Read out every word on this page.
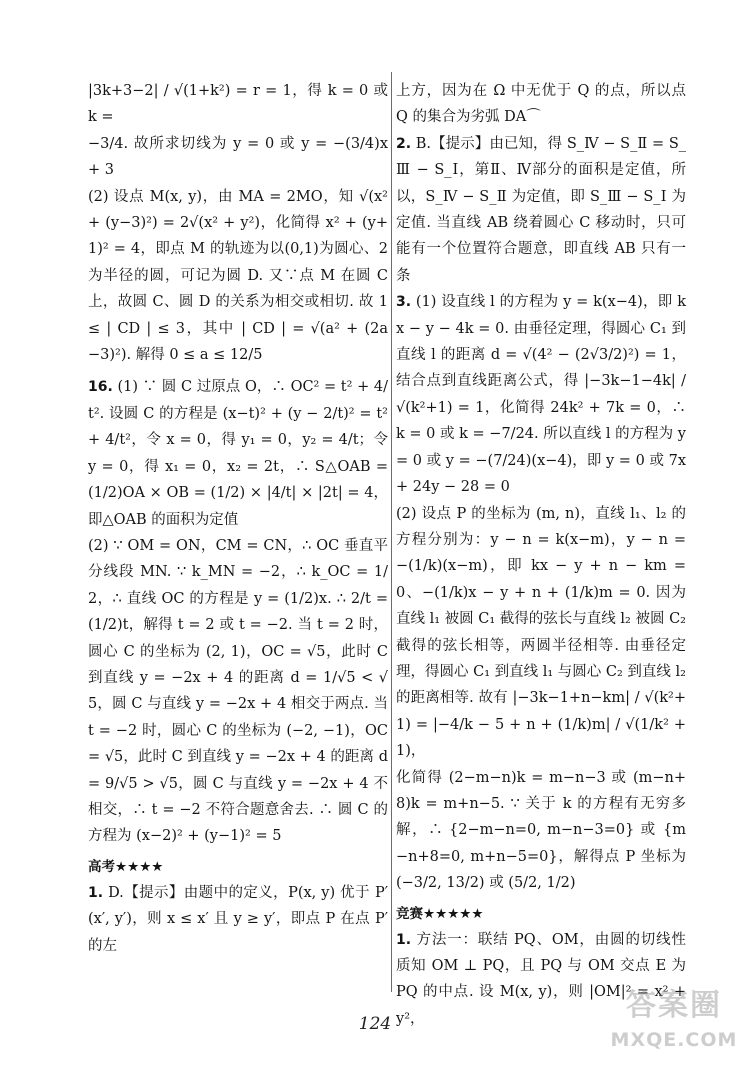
|3k+3−2| / √(1+k²) = r = 1，得 k = 0 或 k =

−3/4. 故所求切线为 y = 0 或 y = −(3/4)x + 3

(2) 设点 M(x, y)，由 MA = 2MO，知 √(x² + (y−3)²) = 2√(x² + y²)，化简得 x² + (y+1)² = 4，即点 M 的轨迹为以(0,1)为圆心、2为半径的圆，可记为圆 D. 又∵点 M 在圆 C 上，故圆 C、圆 D 的关系为相交或相切. 故 1 ≤ | CD | ≤ 3，其中 | CD | = √(a² + (2a−3)²). 解得 0 ≤ a ≤ 12/5

16. (1) ∵ 圆 C 过原点 O，∴ OC² = t² + 4/t². 设圆 C 的方程是 (x−t)² + (y − 2/t)² = t² + 4/t²，令 x = 0，得 y₁ = 0，y₂ = 4/t；令 y = 0，得 x₁ = 0，x₂ = 2t，∴ S△OAB = (1/2)OA × OB = (1/2) × |4/t| × |2t| = 4，即△OAB 的面积为定值

(2) ∵ OM = ON，CM = CN，∴ OC 垂直平分线段 MN. ∵ k_MN = −2，∴ k_OC = 1/2，∴ 直线 OC 的方程是 y = (1/2)x. ∴ 2/t = (1/2)t，解得 t = 2 或 t = −2. 当 t = 2 时，圆心 C 的坐标为 (2, 1)，OC = √5，此时 C 到直线 y = −2x + 4 的距离 d = 1/√5 < √5，圆 C 与直线 y = −2x + 4 相交于两点. 当 t = −2 时，圆心 C 的坐标为 (−2, −1)，OC = √5，此时 C 到直线 y = −2x + 4 的距离 d = 9/√5 > √5，圆 C 与直线 y = −2x + 4 不相交，∴ t = −2 不符合题意舍去. ∴ 圆 C 的方程为 (x−2)² + (y−1)² = 5

高考★★★★

1. D.【提示】由题中的定义，P(x, y) 优于 P′(x′, y′)，则 x ≤ x′ 且 y ≥ y′，即点 P 在点 P′ 的左

上方，因为在 Ω 中无优于 Q 的点，所以点 Q 的集合为劣弧 DA⌒

2. B.【提示】由已知，得 S_Ⅳ − S_Ⅱ = S_Ⅲ − S_Ⅰ，第Ⅱ、Ⅳ部分的面积是定值，所以，S_Ⅳ − S_Ⅱ 为定值，即 S_Ⅲ − S_Ⅰ 为定值. 当直线 AB 绕着圆心 C 移动时，只可能有一个位置符合题意，即直线 AB 只有一条

3. (1) 设直线 l 的方程为 y = k(x−4)，即 kx − y − 4k = 0. 由垂径定理，得圆心 C₁ 到直线 l 的距离 d = √(4² − (2√3/2)²) = 1，结合点到直线距离公式，得 |−3k−1−4k| / √(k²+1) = 1，化简得 24k² + 7k = 0，∴ k = 0 或 k = −7/24. 所以直线 l 的方程为 y = 0 或 y = −(7/24)(x−4)，即 y = 0 或 7x + 24y − 28 = 0

(2) 设点 P 的坐标为 (m, n)，直线 l₁、l₂ 的方程分别为：y − n = k(x−m)，y − n = −(1/k)(x−m)，即 kx − y + n − km = 0、−(1/k)x − y + n + (1/k)m = 0. 因为直线 l₁ 被圆 C₁ 截得的弦长与直线 l₂ 被圆 C₂ 截得的弦长相等，两圆半径相等. 由垂径定理，得圆心 C₁ 到直线 l₁ 与圆心 C₂ 到直线 l₂ 的距离相等. 故有 |−3k−1+n−km| / √(k²+1) = |−4/k − 5 + n + (1/k)m| / √(1/k² + 1)，

化简得 (2−m−n)k = m−n−3 或 (m−n+8)k = m+n−5. ∵ 关于 k 的方程有无穷多解，∴ {2−m−n=0, m−n−3=0} 或 {m−n+8=0, m+n−5=0}，解得点 P 坐标为 (−3/2, 13/2) 或 (5/2, 1/2)

竞赛★★★★★

1. 方法一：联结 PQ、OM，由圆的切线性质知 OM ⊥ PQ，且 PQ 与 OM 交点 E 为 PQ 的中点. 设 M(x, y)，则 |OM|² = x² + y²，

124
答案圈
MXQE.COM
